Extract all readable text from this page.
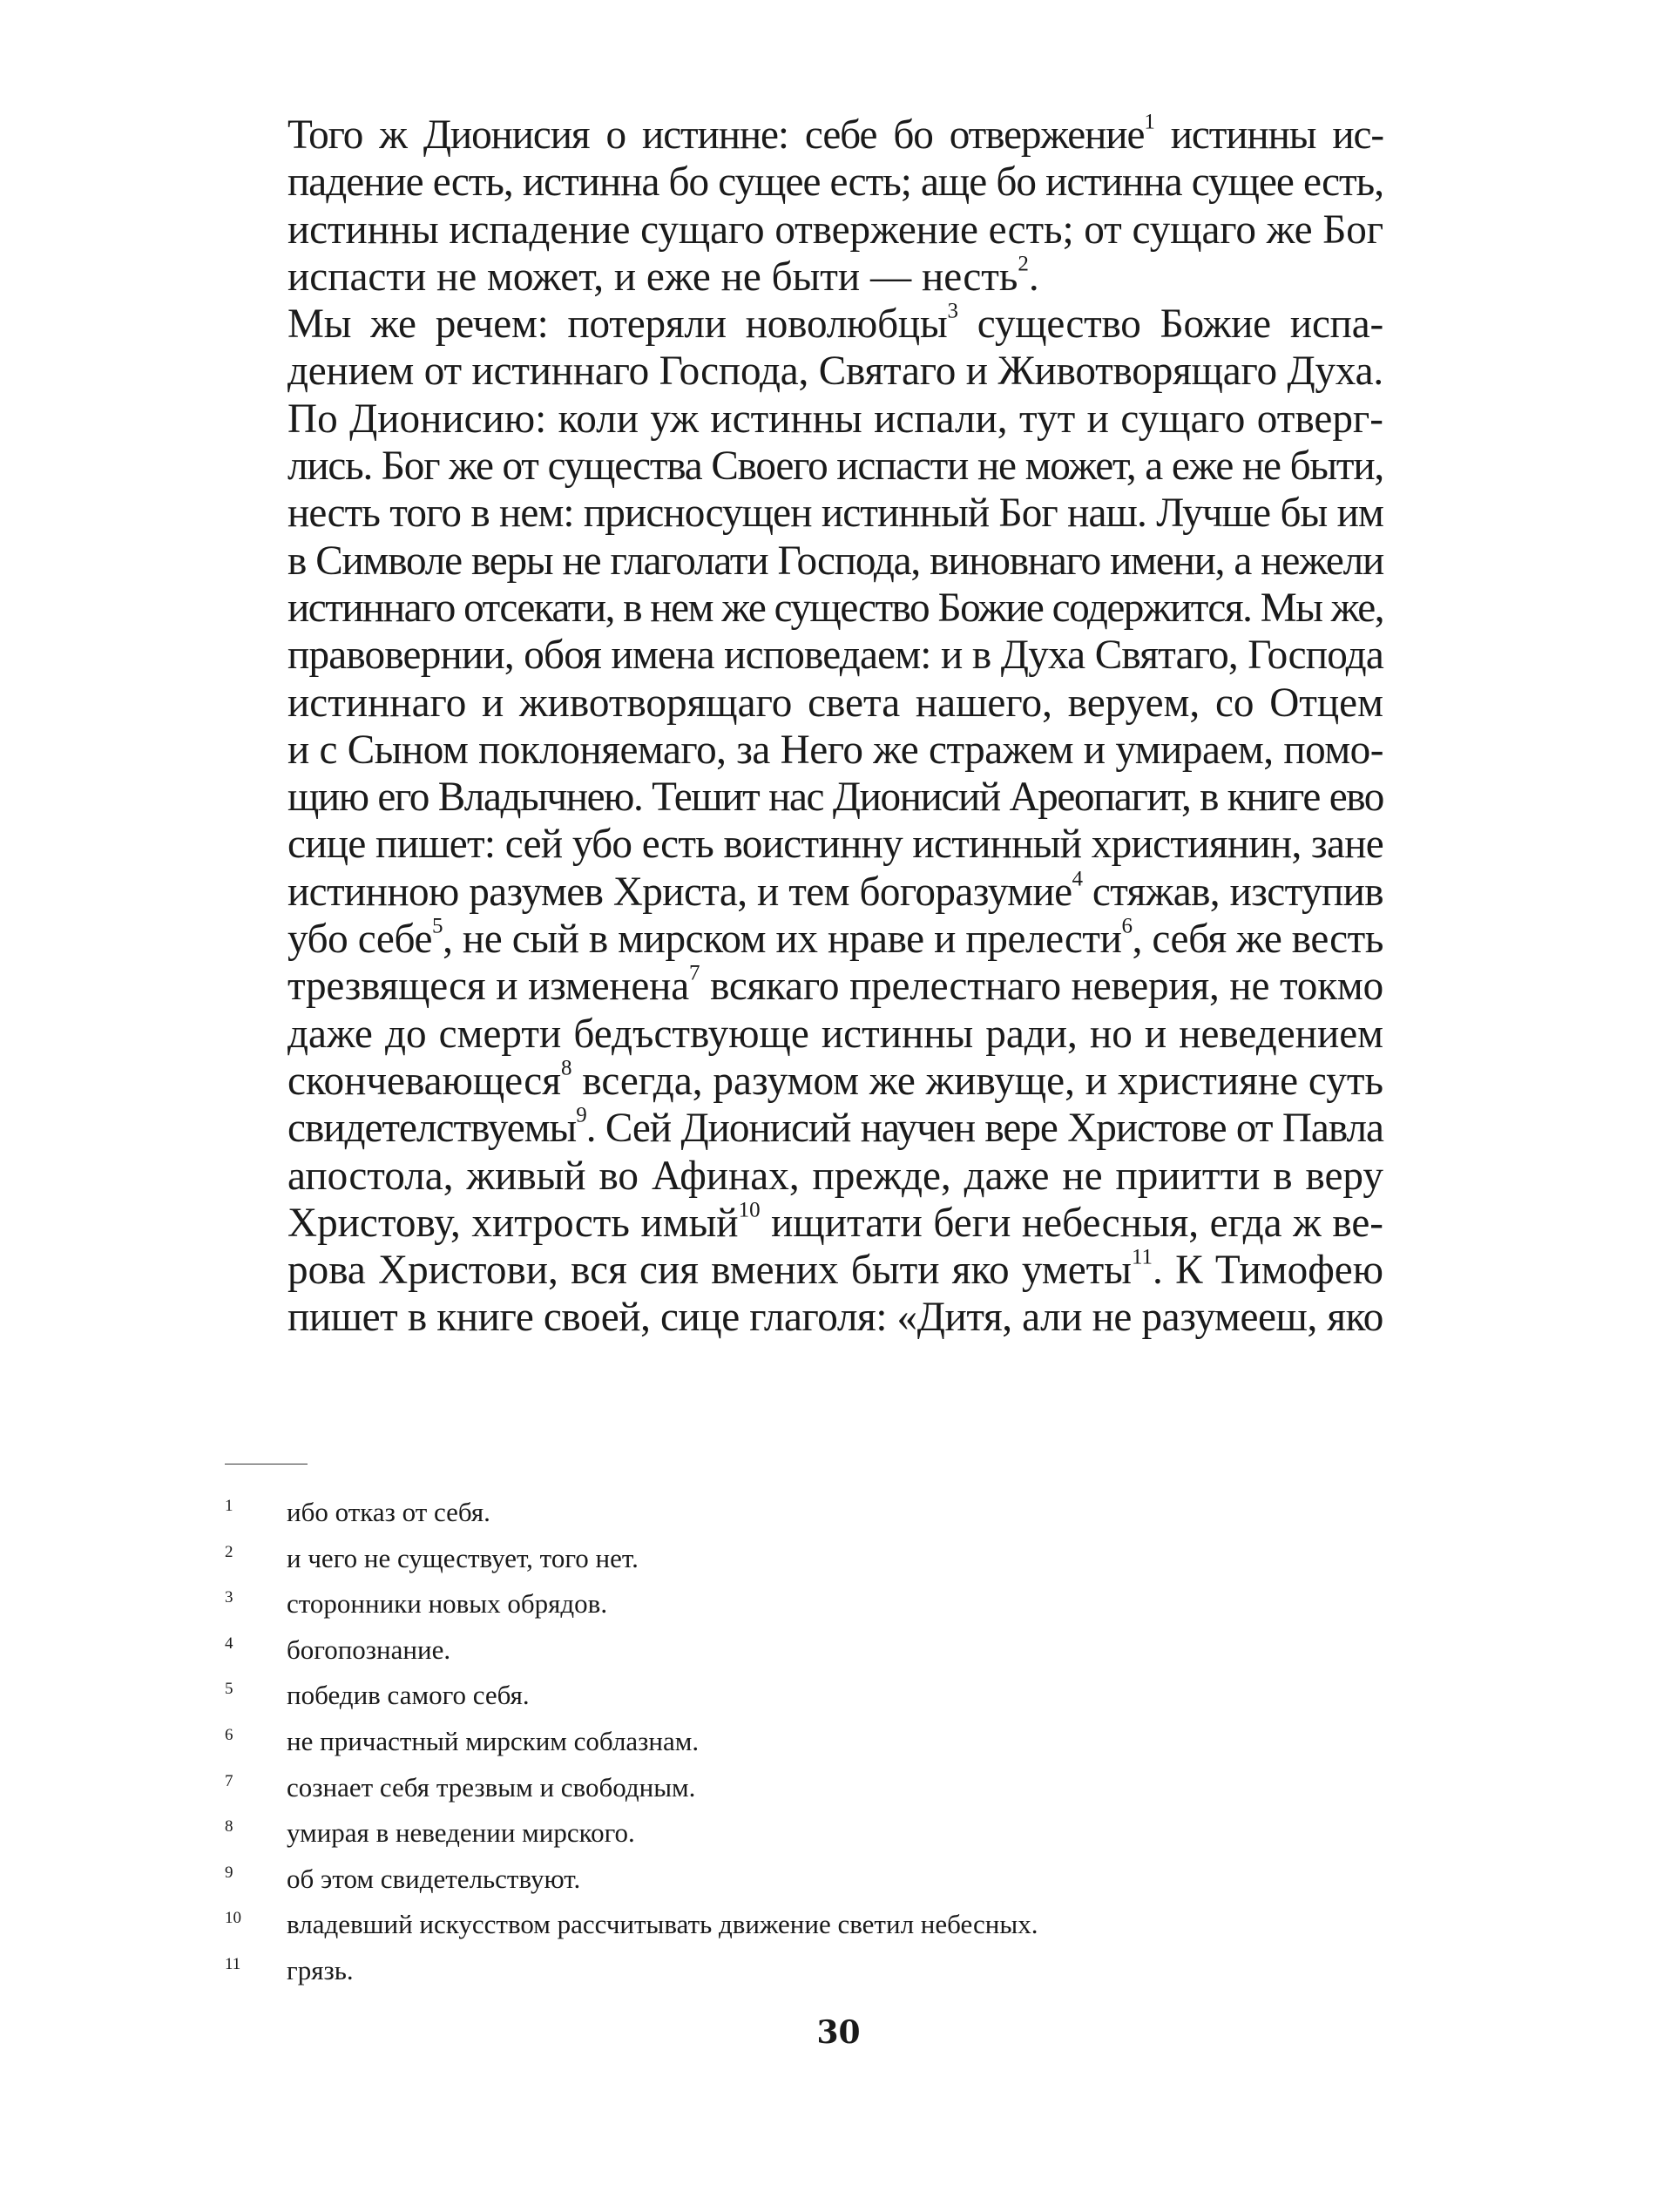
Того ж Дионисия о истинне: себе бо отвержение$^1$ истинны ис-
падение есть, истинна бо сущее есть; аще бо истинна сущее есть,
истинны испадение сущаго отвержение есть; от сущаго же Бог
испасти не может, и еже не быти — несть$^2$.

Мы же речем: потеряли новолюбцы$^3$ существо Божие испа-
дением от истиннаго Господа, Святаго и Животворящаго Духа.
По Дионисию: коли уж истинны испали, тут и сущаго отверг-
лись. Бог же от существа Своего испасти не может, а еже не быти,
несть того в нем: присносущен истинный Бог наш. Лучше бы им
в Символе веры не глаголати Господа, виновнаго имени, а нежели
истиннаго отсекати, в нем же существо Божие содержится. Мы же,
правовернии, обоя имена исповедаем: и в Духа Святаго, Господа
истиннаго и животворящаго света нашего, веруем, со Отцем
и с Сыном поклоняемаго, за Него же стражем и умираем, помо-
щию его Владычнею. Тешит нас Дионисий Ареопагит, в книге ево
сице пишет: сей убо есть воистинну истинный християнин, зане
истинною разумев Христа, и тем богоразумие$^4$ стяжав, изступив
убо себе$^5$, не сый в мирском их нраве и прелести$^6$, себя же весть
трезвящеся и изменена$^7$ всякаго прелестнаго неверия, не токмо
даже до смерти бедъствующе истинны ради, но и неведением
скончевающеся$^8$ всегда, разумом же живуще, и християне суть
свидетелствуемы$^9$. Сей Дионисий научен вере Христове от Павла
апостола, живый во Афинах, прежде, даже не приитти в веру
Христову, хитрость имый$^{10}$ ищитати беги небесныя, егда ж ве-
рова Христови, вся сия вмених быти яко уметы$^{11}$. К Тимофею
пишет в книге своей, сице глаголя: «Дитя, али не разумееш, яко

1 ибо отказ от себя.
2 и чего не существует, того нет.
3 сторонники новых обрядов.
4 богопознание.
5 победив самого себя.
6 не причастный мирским соблазнам.
7 сознает себя трезвым и свободным.
8 умирая в неведении мирского.
9 об этом свидетельствуют.
10 владевший искусством рассчитывать движение светил небесных.
11 грязь.
30
